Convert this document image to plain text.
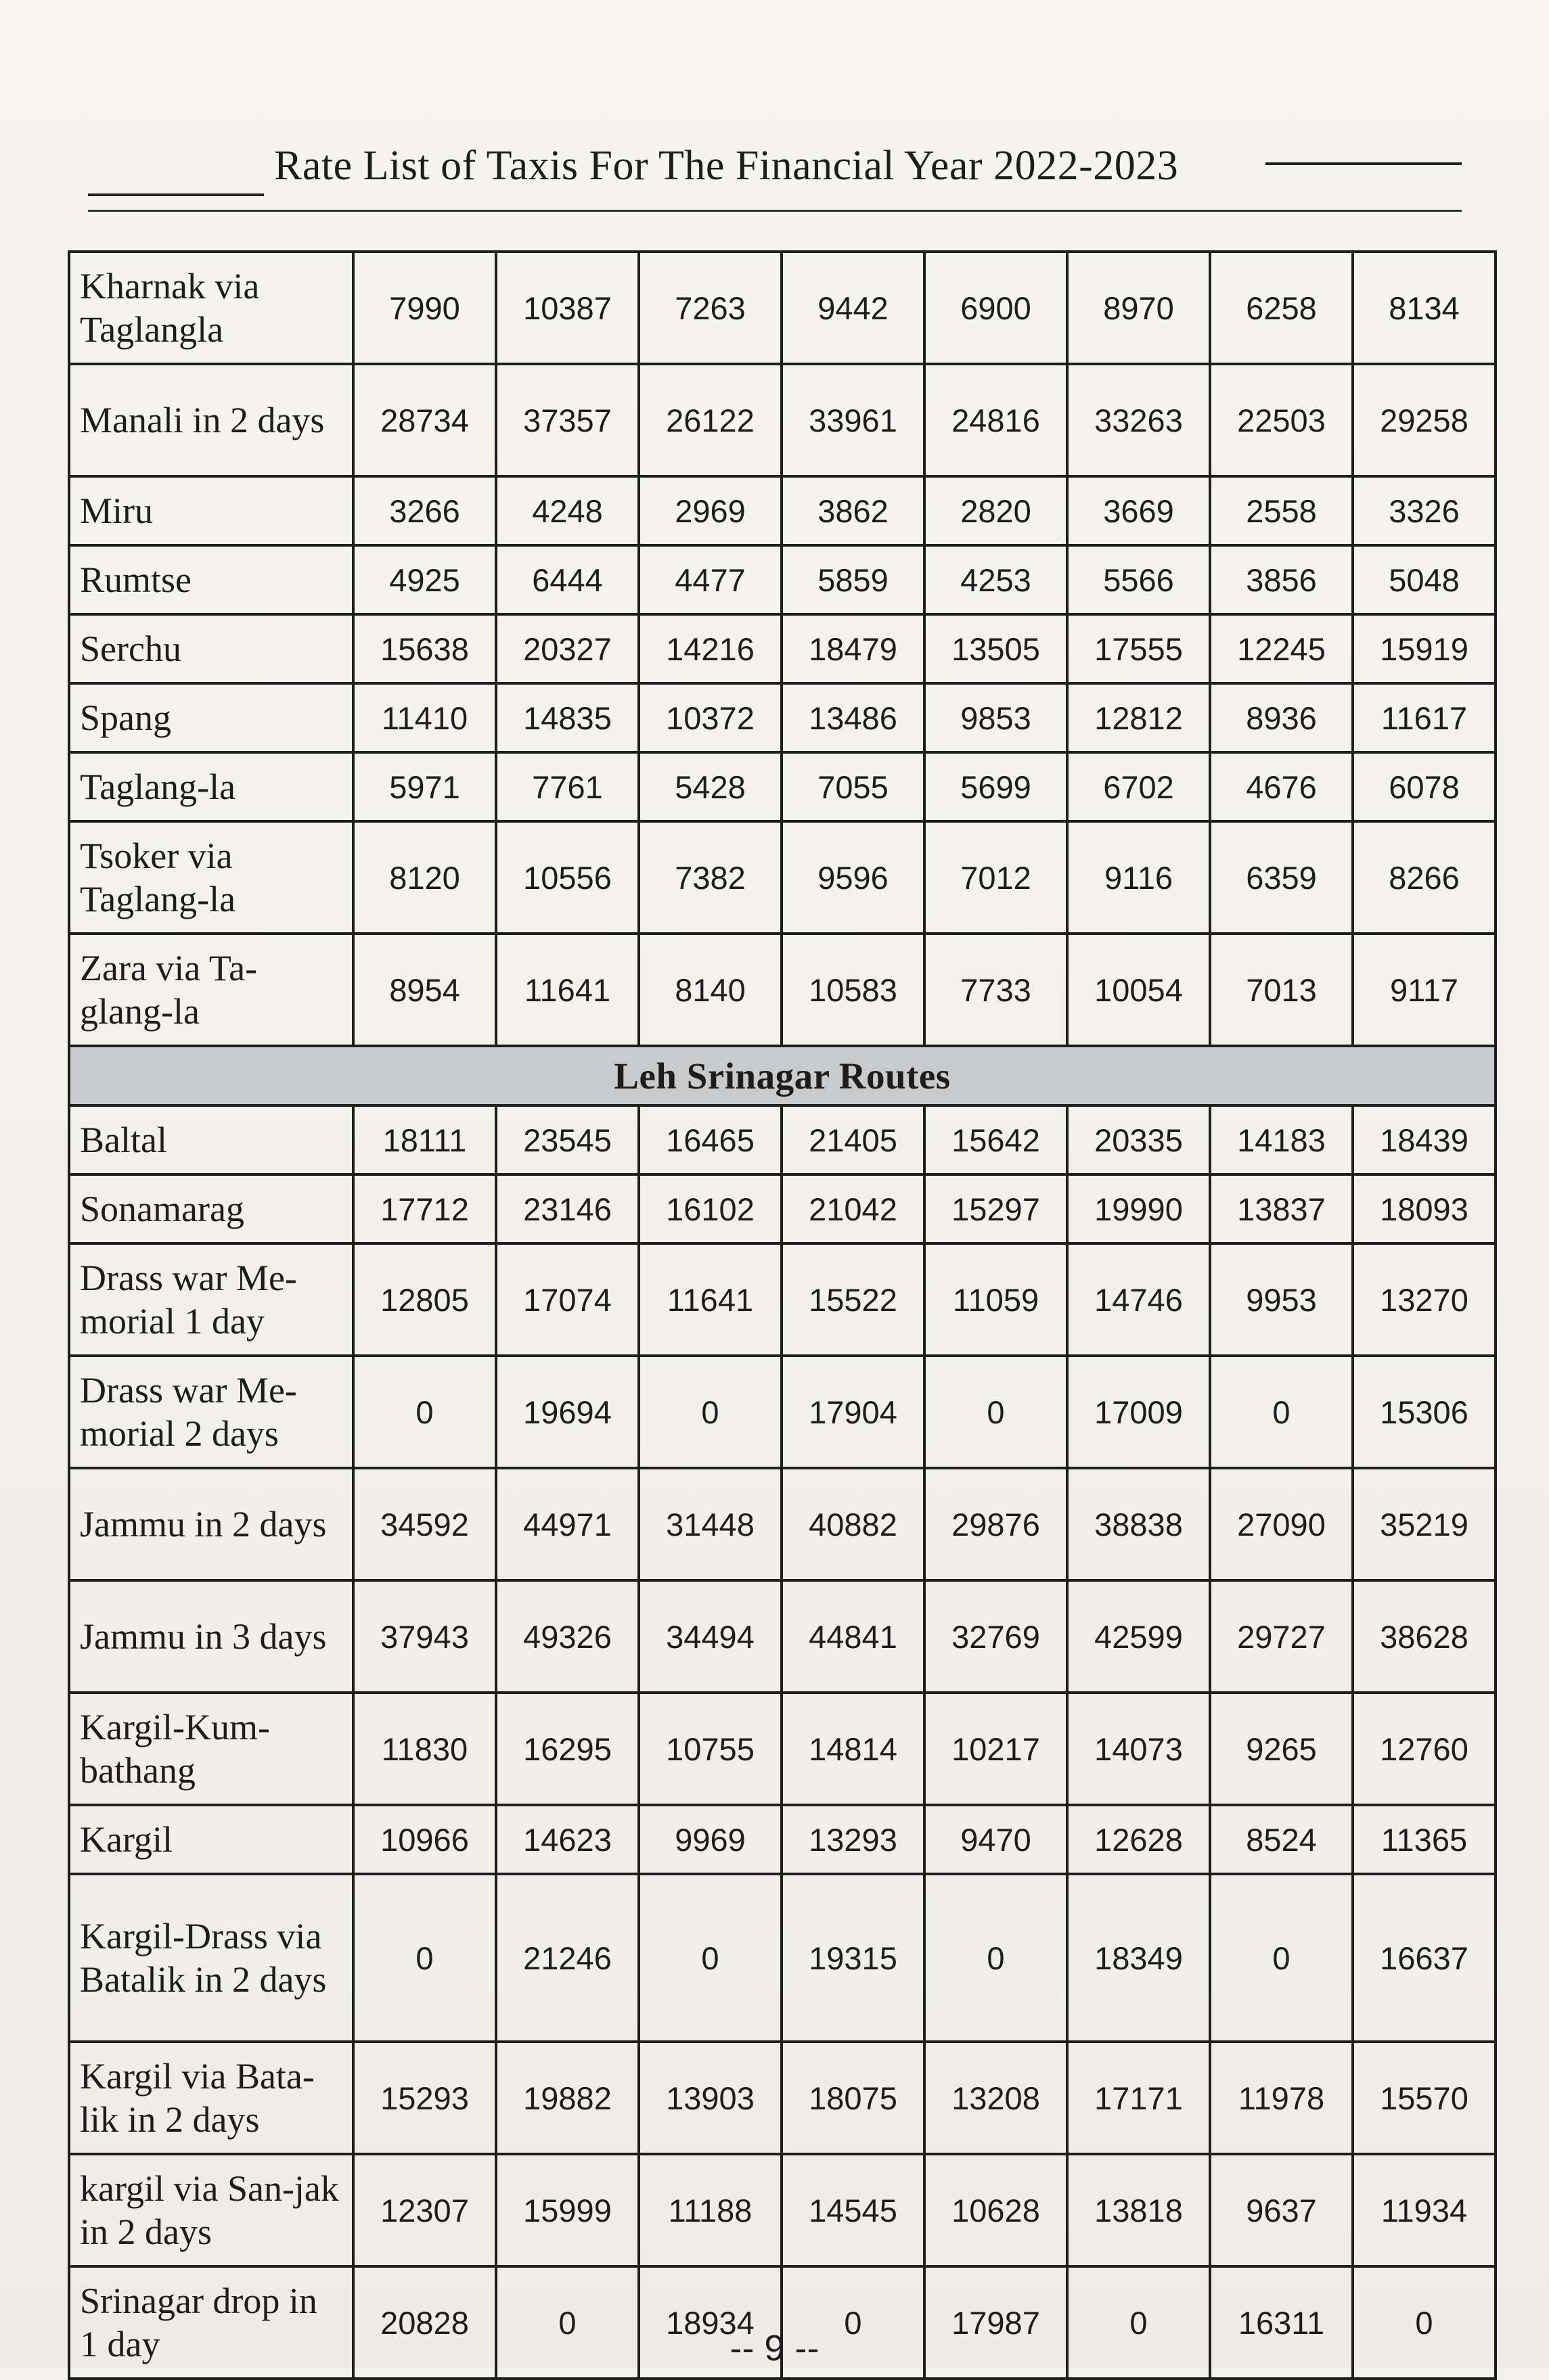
Rate List of Taxis For The Financial Year 2022-2023
Kharnak via Taglangla	7990	10387	7263	9442	6900	8970	6258	8134
Manali in 2 days	28734	37357	26122	33961	24816	33263	22503	29258
Miru	3266	4248	2969	3862	2820	3669	2558	3326
Rumtse	4925	6444	4477	5859	4253	5566	3856	5048
Serchu	15638	20327	14216	18479	13505	17555	12245	15919
Spang	11410	14835	10372	13486	9853	12812	8936	11617
Taglang-la	5971	7761	5428	7055	5699	6702	4676	6078
Tsoker via Taglang-la	8120	10556	7382	9596	7012	9116	6359	8266
Zara via Ta-glang-la	8954	11641	8140	10583	7733	10054	7013	9117
Leh Srinagar Routes								
Baltal	18111	23545	16465	21405	15642	20335	14183	18439
Sonamarag	17712	23146	16102	21042	15297	19990	13837	18093
Drass war Me-morial 1 day	12805	17074	11641	15522	11059	14746	9953	13270
Drass war Me-morial 2 days	0	19694	0	17904	0	17009	0	15306
Jammu in 2 days	34592	44971	31448	40882	29876	38838	27090	35219
Jammu in 3 days	37943	49326	34494	44841	32769	42599	29727	38628
Kargil-Kum-bathang	11830	16295	10755	14814	10217	14073	9265	12760
Kargil	10966	14623	9969	13293	9470	12628	8524	11365
Kargil-Drass via Batalik in 2 days	0	21246	0	19315	0	18349	0	16637
Kargil via Bata-lik in 2 days	15293	19882	13903	18075	13208	17171	11978	15570
kargil via San-jak in 2 days	12307	15999	11188	14545	10628	13818	9637	11934
Srinagar drop in 1 day	20828	0	18934	0	17987	0	16311	0
-- 9 --
